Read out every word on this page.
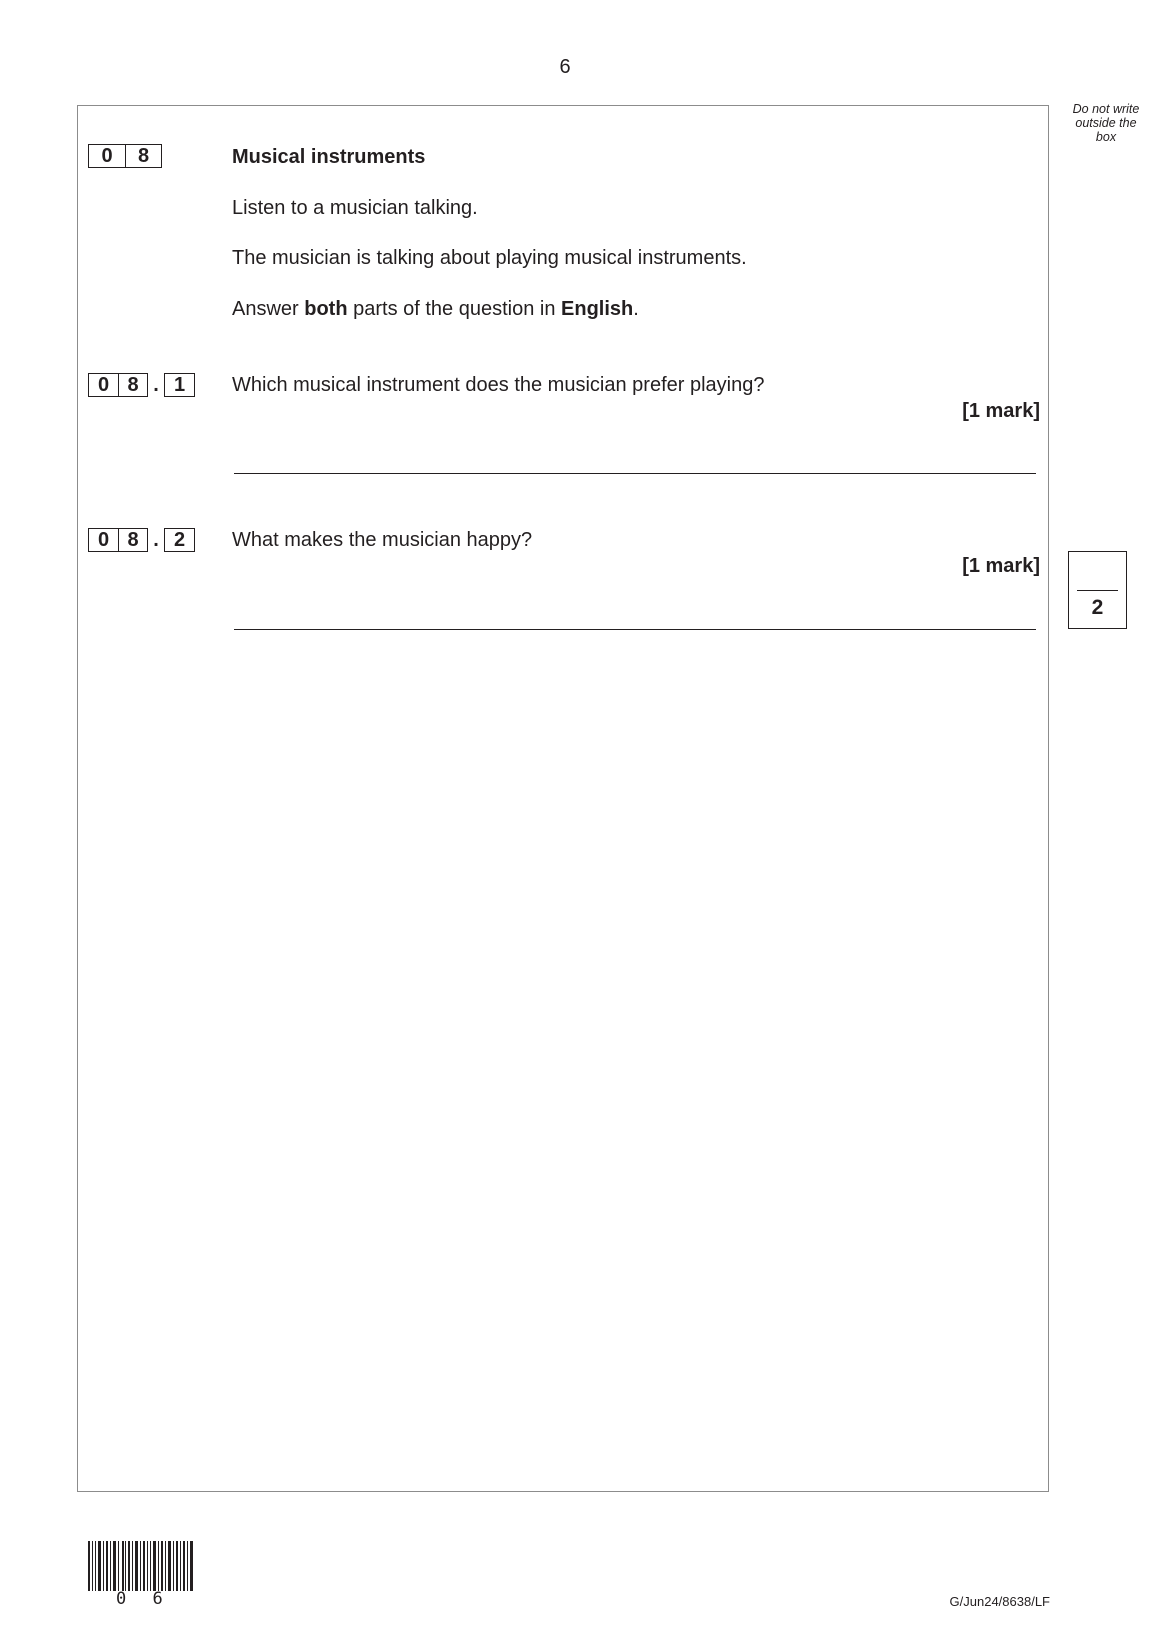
6
Do not write outside the box
0	8	Musical instruments
Listen to a musician talking.
The musician is talking about playing musical instruments.
Answer both parts of the question in English.
0 8 . 1	Which musical instrument does the musician prefer playing?
[1 mark]
0 8 . 2	What makes the musician happy?
[1 mark]
2
0 6	G/Jun24/8638/LF
